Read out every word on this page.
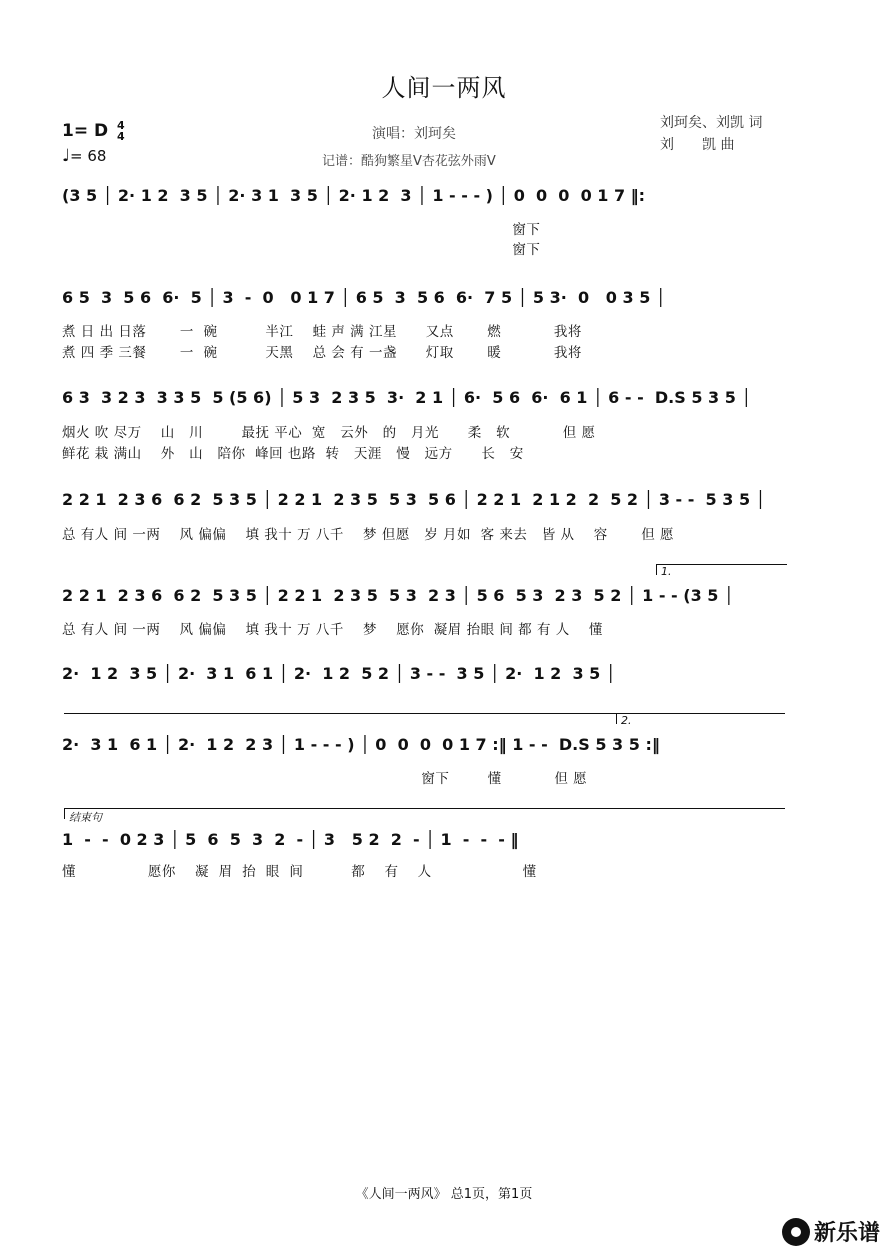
人间一两风
1= D 4
4
♩= 68
演唱：刘珂矣
记谱：酷狗繁星V杏花弦外雨V
刘珂矣、刘凯 词
刘　　凯 曲
(3 5 │ 2· 1 2  3 5 │ 2· 3 1  3 5 │ 2· 1 2  3 │ 1 - - - ) │ 0  0  0  0 1 7 ‖:
窗下
窗下
6 5  3  5 6  6·  5 │ 3  -  0   0 1 7 │ 6 5  3  5 6  6·  7 5 │ 5 3·  0   0 3 5 │
煮 日 出 日落       一  碗          半江    蛙 声 满 江星      又点       燃           我将
煮 四 季 三餐       一  碗          天黑    总 会 有 一盏      灯取       暖           我将
6 3  3 2 3  3 3 5  5 (5 6) │ 5 3  2 3 5  3·  2 1 │ 6·  5 6  6·  6 1 │ 6 - -  D.S 5 3 5 │
烟火 吹 尽万    山   川        最抚 平心  宽   云外   的   月光      柔   软           但 愿
鲜花 栽 满山    外   山   陪你  峰回 也路  转   天涯   慢   远方      长   安
2 2 1  2 3 6  6 2  5 3 5 │ 2 2 1  2 3 5  5 3  5 6 │ 2 2 1  2 1 2  2  5 2 │ 3 - -  5 3 5 │
总 有人 间 一两    风 偏偏    填 我十 万 八千    梦 但愿   岁 月如  客 来去   皆 从    容       但 愿
1.
2 2 1  2 3 6  6 2  5 3 5 │ 2 2 1  2 3 5  5 3  2 3 │ 5 6  5 3  2 3  5 2 │ 1 - - (3 5 │
总 有人 间 一两    风 偏偏    填 我十 万 八千    梦    愿你  凝眉 抬眼 间 都 有 人    懂
2·  1 2  3 5 │ 2·  3 1  6 1 │ 2·  1 2  5 2 │ 3 - -  3 5 │ 2·  1 2  3 5 │
2.
2·  3 1  6 1 │ 2·  1 2  2 3 │ 1 - - - ) │ 0  0  0  0 1 7 :‖ 1 - -  D.S 5 3 5 :‖
窗下        懂           但 愿
结束句
1  -  -  0 2 3 │ 5  6  5  3  2  - │ 3   5 2  2  - │ 1  -  -  - ‖
懂               愿你    凝  眉  抬  眼  间          都    有    人                   懂
《人间一两风》 总1页，第1页
新乐谱
